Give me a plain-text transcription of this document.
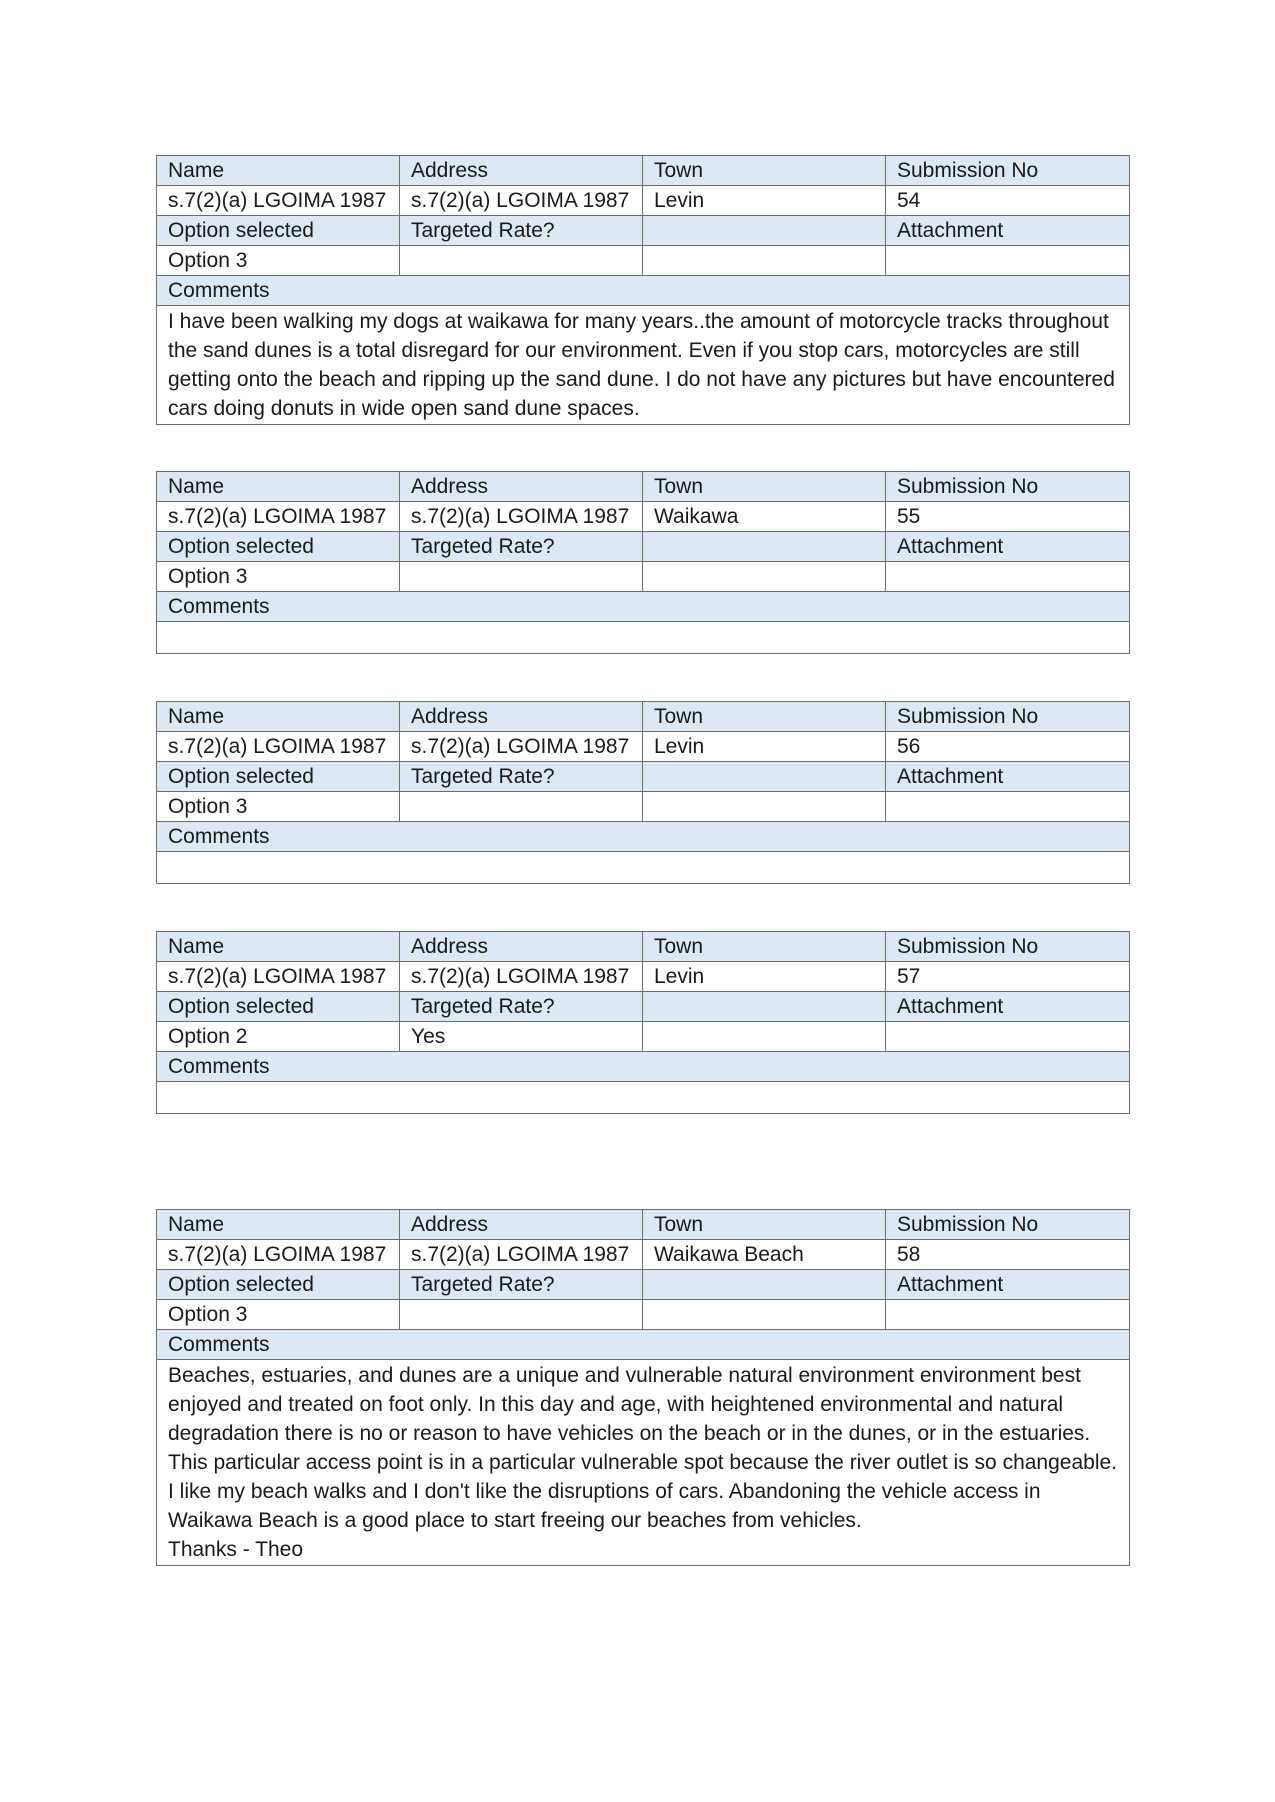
Name	Address	Town	Submission No
s.7(2)(a) LGOIMA 1987	s.7(2)(a) LGOIMA 1987	Levin	54
Option selected	Targeted Rate?		Attachment
Option 3			
Comments			
I have been walking my dogs at waikawa for many years..the amount of motorcycle tracks throughout the sand dunes is a total disregard for our environment. Even if you stop cars, motorcycles are still getting onto the beach and ripping up the sand dune. I do not have any pictures but have encountered cars doing donuts in wide open sand dune spaces.			
Name	Address	Town	Submission No
s.7(2)(a) LGOIMA 1987	s.7(2)(a) LGOIMA 1987	Waikawa	55
Option selected	Targeted Rate?		Attachment
Option 3			
Comments			

Name	Address	Town	Submission No
s.7(2)(a) LGOIMA 1987	s.7(2)(a) LGOIMA 1987	Levin	56
Option selected	Targeted Rate?		Attachment
Option 3			
Comments			

Name	Address	Town	Submission No
s.7(2)(a) LGOIMA 1987	s.7(2)(a) LGOIMA 1987	Levin	57
Option selected	Targeted Rate?		Attachment
Option 2	Yes		
Comments			

Name	Address	Town	Submission No
s.7(2)(a) LGOIMA 1987	s.7(2)(a) LGOIMA 1987	Waikawa Beach	58
Option selected	Targeted Rate?		Attachment
Option 3			
Comments			

Beaches, estuaries, and dunes are a unique and vulnerable natural environment environment best enjoyed and treated on foot only. In this day and age, with heightened environmental and natural degradation there is no or reason to have vehicles on the beach or in the dunes, or in the estuaries. This particular access point is in a particular vulnerable spot because the river outlet is so changeable. I like my beach walks and I don't like the disruptions of cars. Abandoning the vehicle access in Waikawa Beach is a good place to start freeing our beaches from vehicles.
Thanks - Theo			
